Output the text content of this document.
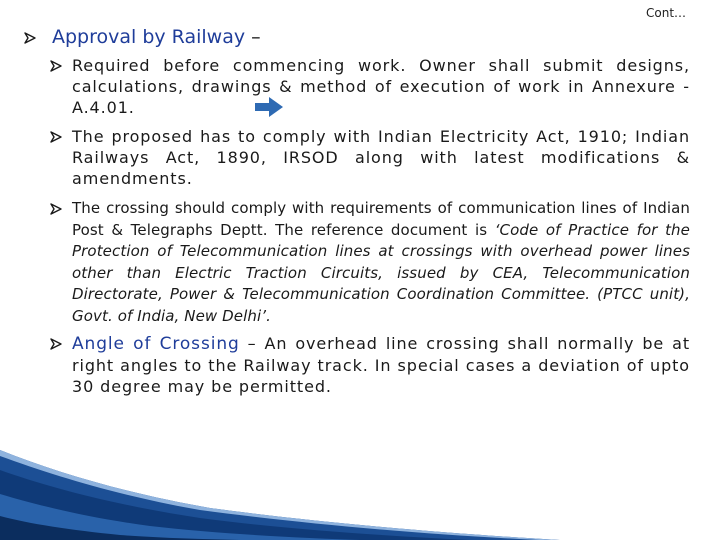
Cont…
Approval by Railway –
Required before commencing work. Owner shall submit designs, calculations, drawings & method of execution of work in Annexure -A.4.01.
The proposed has to comply with Indian Electricity Act, 1910; Indian Railways Act, 1890, IRSOD along with latest modifications & amendments.
The crossing should comply with requirements of communication lines of Indian Post & Telegraphs Deptt. The reference document is ‘Code of Practice for the Protection of Telecommunication lines at crossings with overhead power lines other than Electric Traction Circuits, issued by CEA, Telecommunication Directorate, Power & Telecommunication Coordination Committee. (PTCC unit), Govt. of India, New Delhi’.
Angle of Crossing – An overhead line crossing shall normally be at right angles to the Railway track. In special cases a deviation of upto 30 degree may be permitted.
